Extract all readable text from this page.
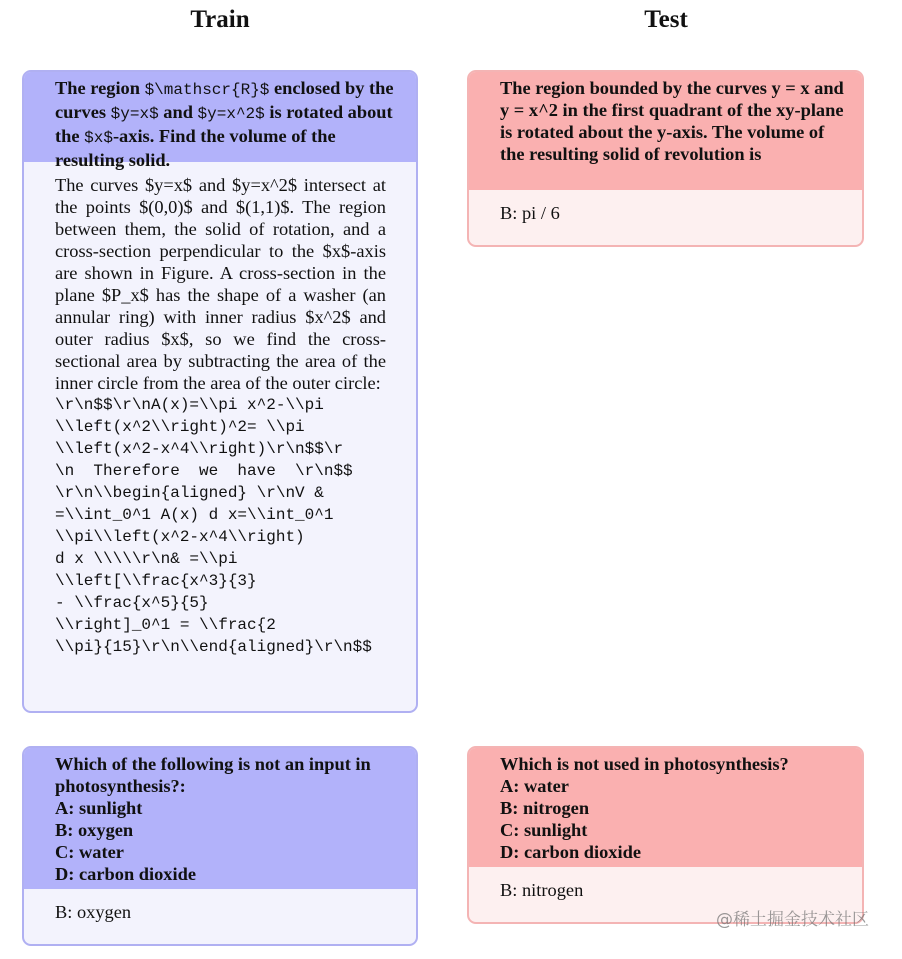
Train	Test
The region $\mathscr{R}$ enclosed by the curves $y=x$ and $y=x^2$ is rotated about the $x$-axis. Find the volume of the resulting solid.
The curves $y=x$ and $y=x^2$ intersect at the points $(0,0)$ and $(1,1)$. The region between them, the solid of rotation, and a cross-section perpendicular to the $x$-axis are shown in Figure. A cross-section in the plane $P_x$ has the shape of a washer (an annular ring) with inner radius $x^2$ and outer radius $x$, so we find the cross-sectional area by subtracting the area of the inner circle from the area of the outer circle:
\r\n$$\r\nA(x)=\\pi x^2-\\pi
\\left(x^2\\right)^2= \\pi
\\left(x^2-x^4\\right)\r\n$$\r
\n  Therefore  we  have  \r\n$$
\r\n\\begin{aligned} \r\nV &
=\\int_0^1 A(x) d x=\\int_0^1
\\pi\\left(x^2-x^4\\right)
d x \\\\\r\n& =\\pi
\\left[\\frac{x^3}{3}
- \\frac{x^5}{5}
\\right]_0^1 = \\frac{2
\\pi}{15}\r\n\\end{aligned}\r\n$$
The region bounded by the curves y = x and y = x^2 in the first quadrant of the xy-plane is rotated about the y-axis. The volume of the resulting solid of revolution is
B: pi / 6
Which of the following is not an input in photosynthesis?:
A: sunlight
B: oxygen
C: water
D: carbon dioxide
B: oxygen
Which is not used in photosynthesis?
A: water
B: nitrogen
C: sunlight
D: carbon dioxide
B: nitrogen
@稀土掘金技术社区
